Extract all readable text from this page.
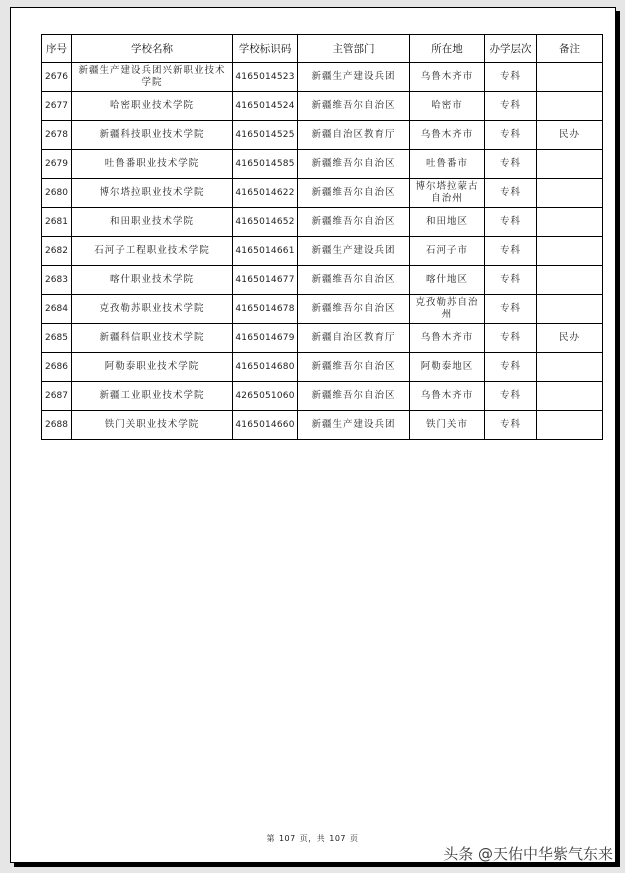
序号	学校名称	学校标识码	主管部门	所在地	办学层次	备注
2676	新疆生产建设兵团兴新职业技术学院	4165014523	新疆生产建设兵团	乌鲁木齐市	专科	
2677	哈密职业技术学院	4165014524	新疆维吾尔自治区	哈密市	专科	
2678	新疆科技职业技术学院	4165014525	新疆自治区教育厅	乌鲁木齐市	专科	民办
2679	吐鲁番职业技术学院	4165014585	新疆维吾尔自治区	吐鲁番市	专科	
2680	博尔塔拉职业技术学院	4165014622	新疆维吾尔自治区	博尔塔拉蒙古自治州	专科	
2681	和田职业技术学院	4165014652	新疆维吾尔自治区	和田地区	专科	
2682	石河子工程职业技术学院	4165014661	新疆生产建设兵团	石河子市	专科	
2683	喀什职业技术学院	4165014677	新疆维吾尔自治区	喀什地区	专科	
2684	克孜勒苏职业技术学院	4165014678	新疆维吾尔自治区	克孜勒苏自治州	专科	
2685	新疆科信职业技术学院	4165014679	新疆自治区教育厅	乌鲁木齐市	专科	民办
2686	阿勒泰职业技术学院	4165014680	新疆维吾尔自治区	阿勒泰地区	专科	
2687	新疆工业职业技术学院	4265051060	新疆维吾尔自治区	乌鲁木齐市	专科	
2688	铁门关职业技术学院	4165014660	新疆生产建设兵团	铁门关市	专科	
第 107 页，共 107 页
头条 @天佑中华紫气东来
